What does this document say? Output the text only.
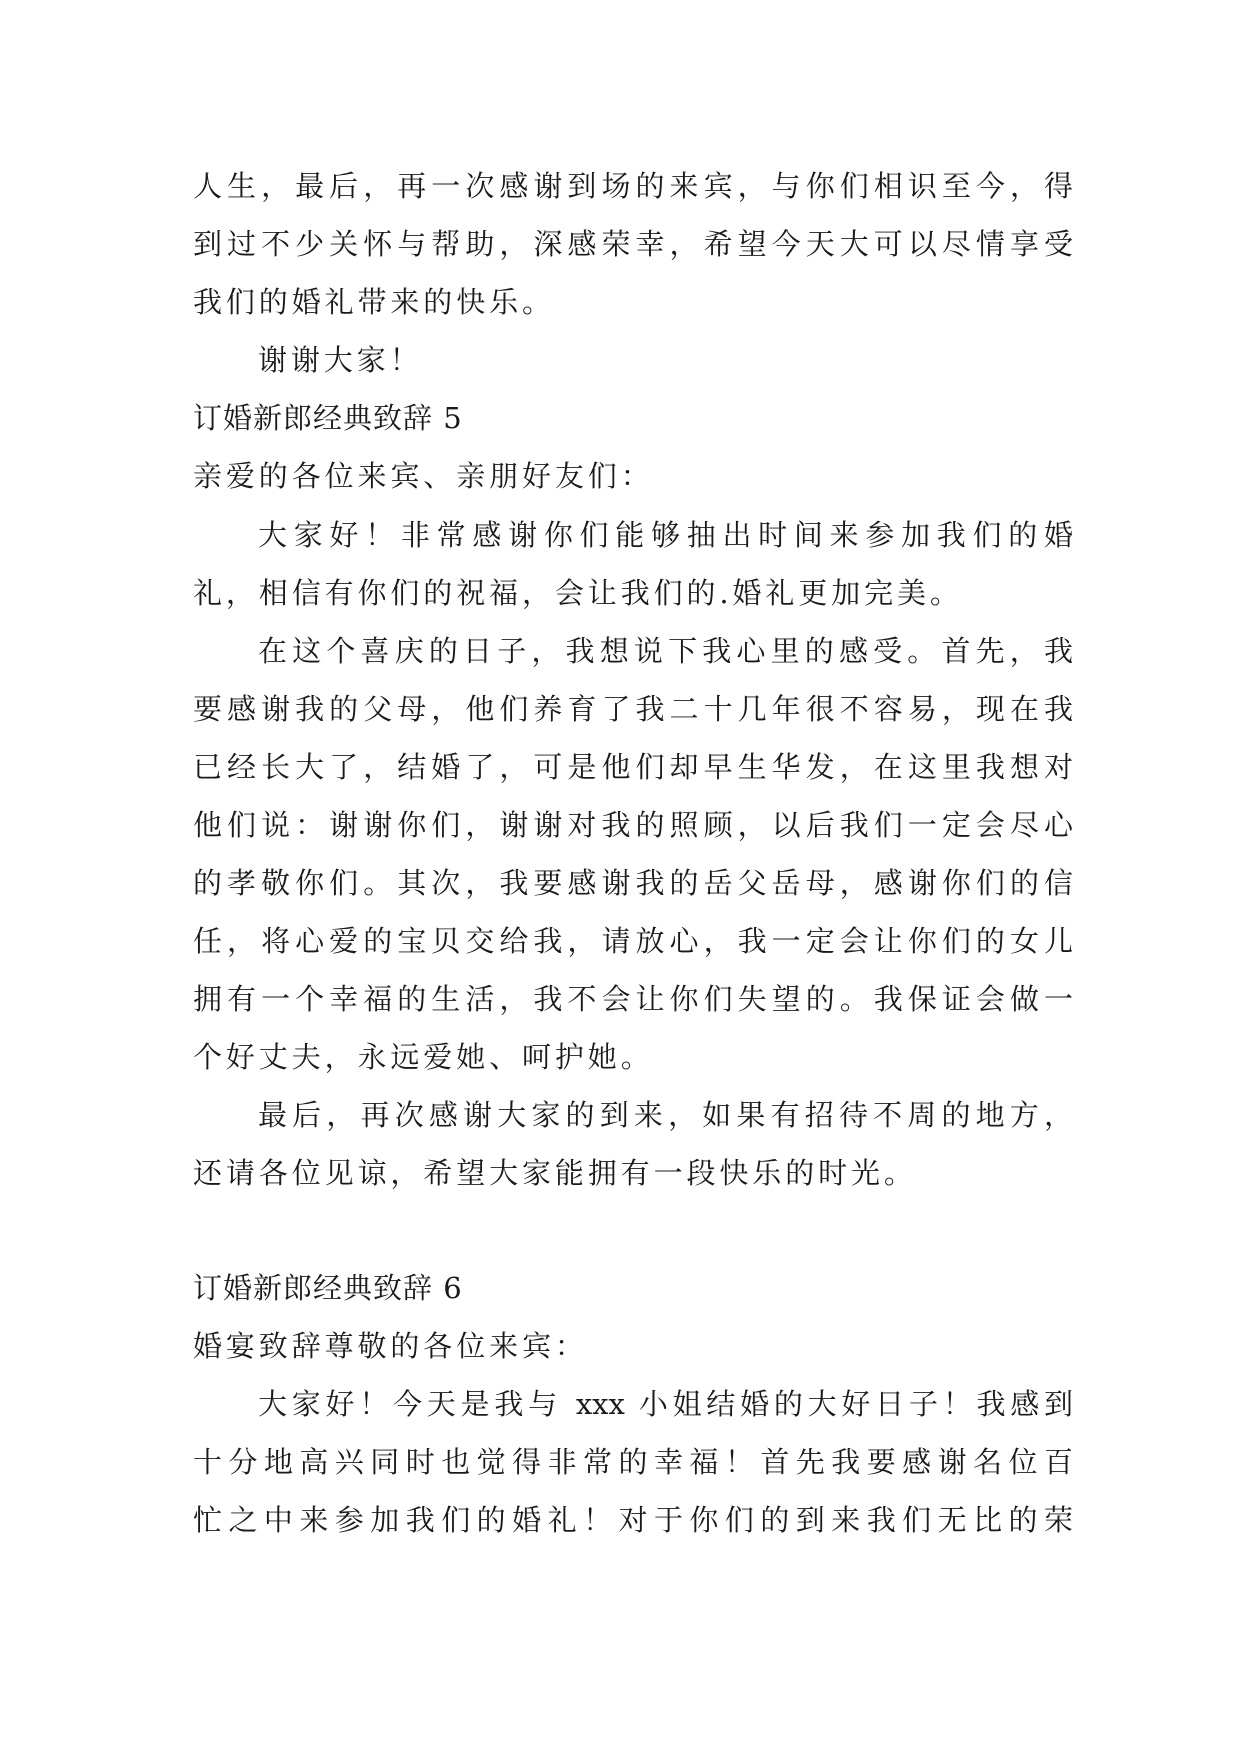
人生，最后，再一次感谢到场的来宾，与你们相识至今，得
到过不少关怀与帮助，深感荣幸，希望今天大可以尽情享受
我们的婚礼带来的快乐。
谢谢大家！
订婚新郎经典致辞 5
亲爱的各位来宾、亲朋好友们：
大家好！非常感谢你们能够抽出时间来参加我们的婚
礼，相信有你们的祝福，会让我们的.婚礼更加完美。
在这个喜庆的日子，我想说下我心里的感受。首先，我
要感谢我的父母，他们养育了我二十几年很不容易，现在我
已经长大了，结婚了，可是他们却早生华发，在这里我想对
他们说：谢谢你们，谢谢对我的照顾，以后我们一定会尽心
的孝敬你们。其次，我要感谢我的岳父岳母，感谢你们的信
任，将心爱的宝贝交给我，请放心，我一定会让你们的女儿
拥有一个幸福的生活，我不会让你们失望的。我保证会做一
个好丈夫，永远爱她、呵护她。
最后，再次感谢大家的到来，如果有招待不周的地方，
还请各位见谅，希望大家能拥有一段快乐的时光。
订婚新郎经典致辞 6
婚宴致辞尊敬的各位来宾：
大家好！今天是我与 xxx 小姐结婚的大好日子！我感到
十分地高兴同时也觉得非常的幸福！首先我要感谢名位百
忙之中来参加我们的婚礼！对于你们的到来我们无比的荣
